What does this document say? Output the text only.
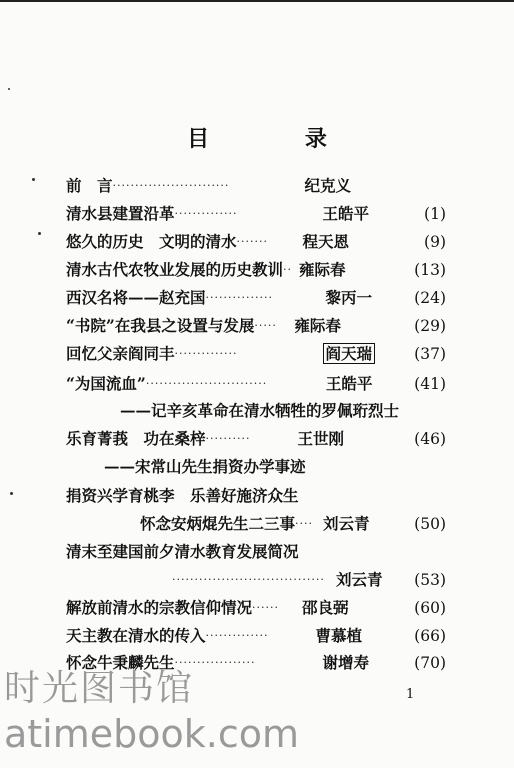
目 录
前　言··························	纪克义
清水县建置沿革··············	王皓平	(1)
悠久的历史　文明的清水······· 程天恩	(9)
清水古代农牧业发展的历史教训·· 雍际春	(13)
西汉名将——赵充国···············	黎丙一	(24)
“书院”在我县之设置与发展····· 雍际春	(29)
回忆父亲阎同丰··············	阎天瑞	(37)
“为国流血”···························	王皓平	(41)
——记辛亥革命在清水牺牲的罗佩珩烈士
乐育菁莪　功在桑梓··········	王世刚	(46)
——宋常山先生捐资办学事迹
捐资兴学育桃李　乐善好施济众生
怀念安炳焜先生二三事···· 刘云青	(50)
清末至建国前夕清水教育发展简况
·································· 刘云青 (53)
解放前清水的宗教信仰情况······ 邵良弼	(60)
天主教在清水的传入··············	曹慕植	(66)
怀念牛秉麟先生··················	谢增寿	(70)
1
时光图书馆
atimebook.com
